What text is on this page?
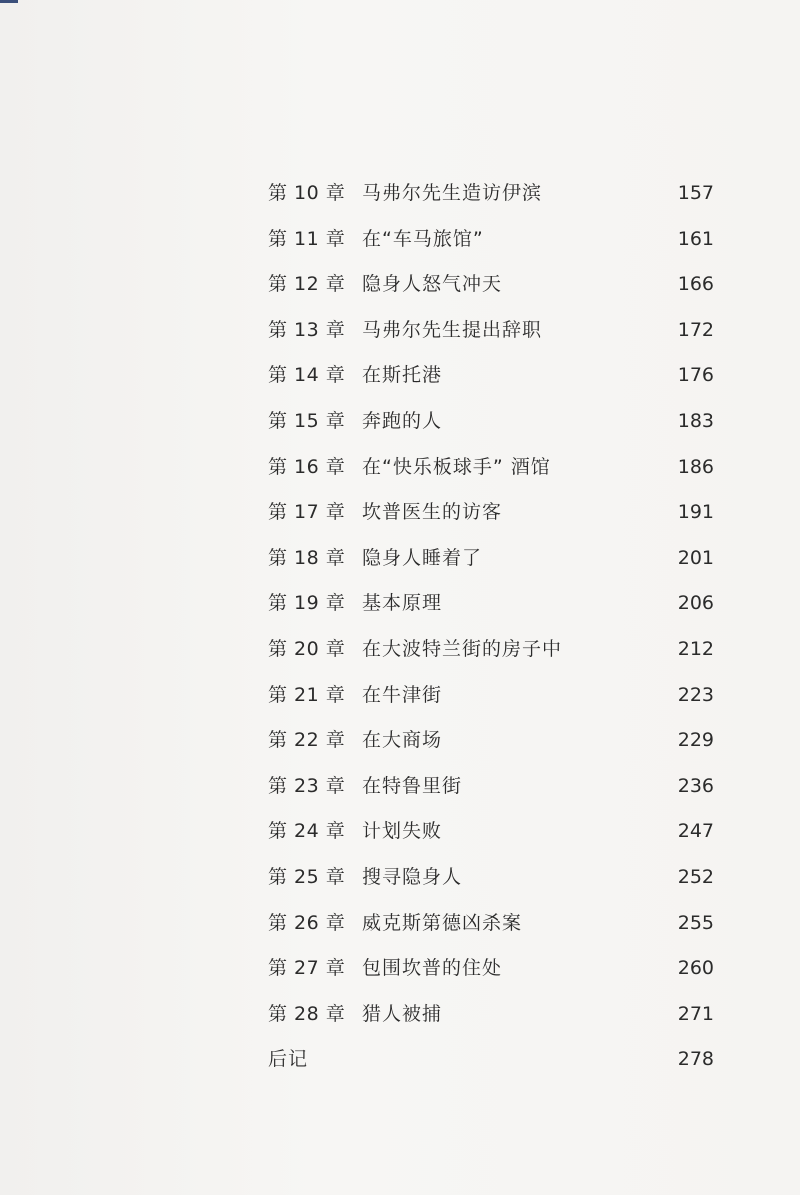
第 10 章 马弗尔先生造访伊滨	157
第 11 章 在“车马旅馆”	161
第 12 章 隐身人怒气冲天	166
第 13 章 马弗尔先生提出辞职	172
第 14 章 在斯托港	176
第 15 章 奔跑的人	183
第 16 章 在“快乐板球手” 酒馆	186
第 17 章 坎普医生的访客	191
第 18 章 隐身人睡着了	201
第 19 章 基本原理	206
第 20 章 在大波特兰街的房子中	212
第 21 章 在牛津街	223
第 22 章 在大商场	229
第 23 章 在特鲁里街	236
第 24 章 计划失败	247
第 25 章 搜寻隐身人	252
第 26 章 威克斯第德凶杀案	255
第 27 章 包围坎普的住处	260
第 28 章 猎人被捕	271
后记	278
